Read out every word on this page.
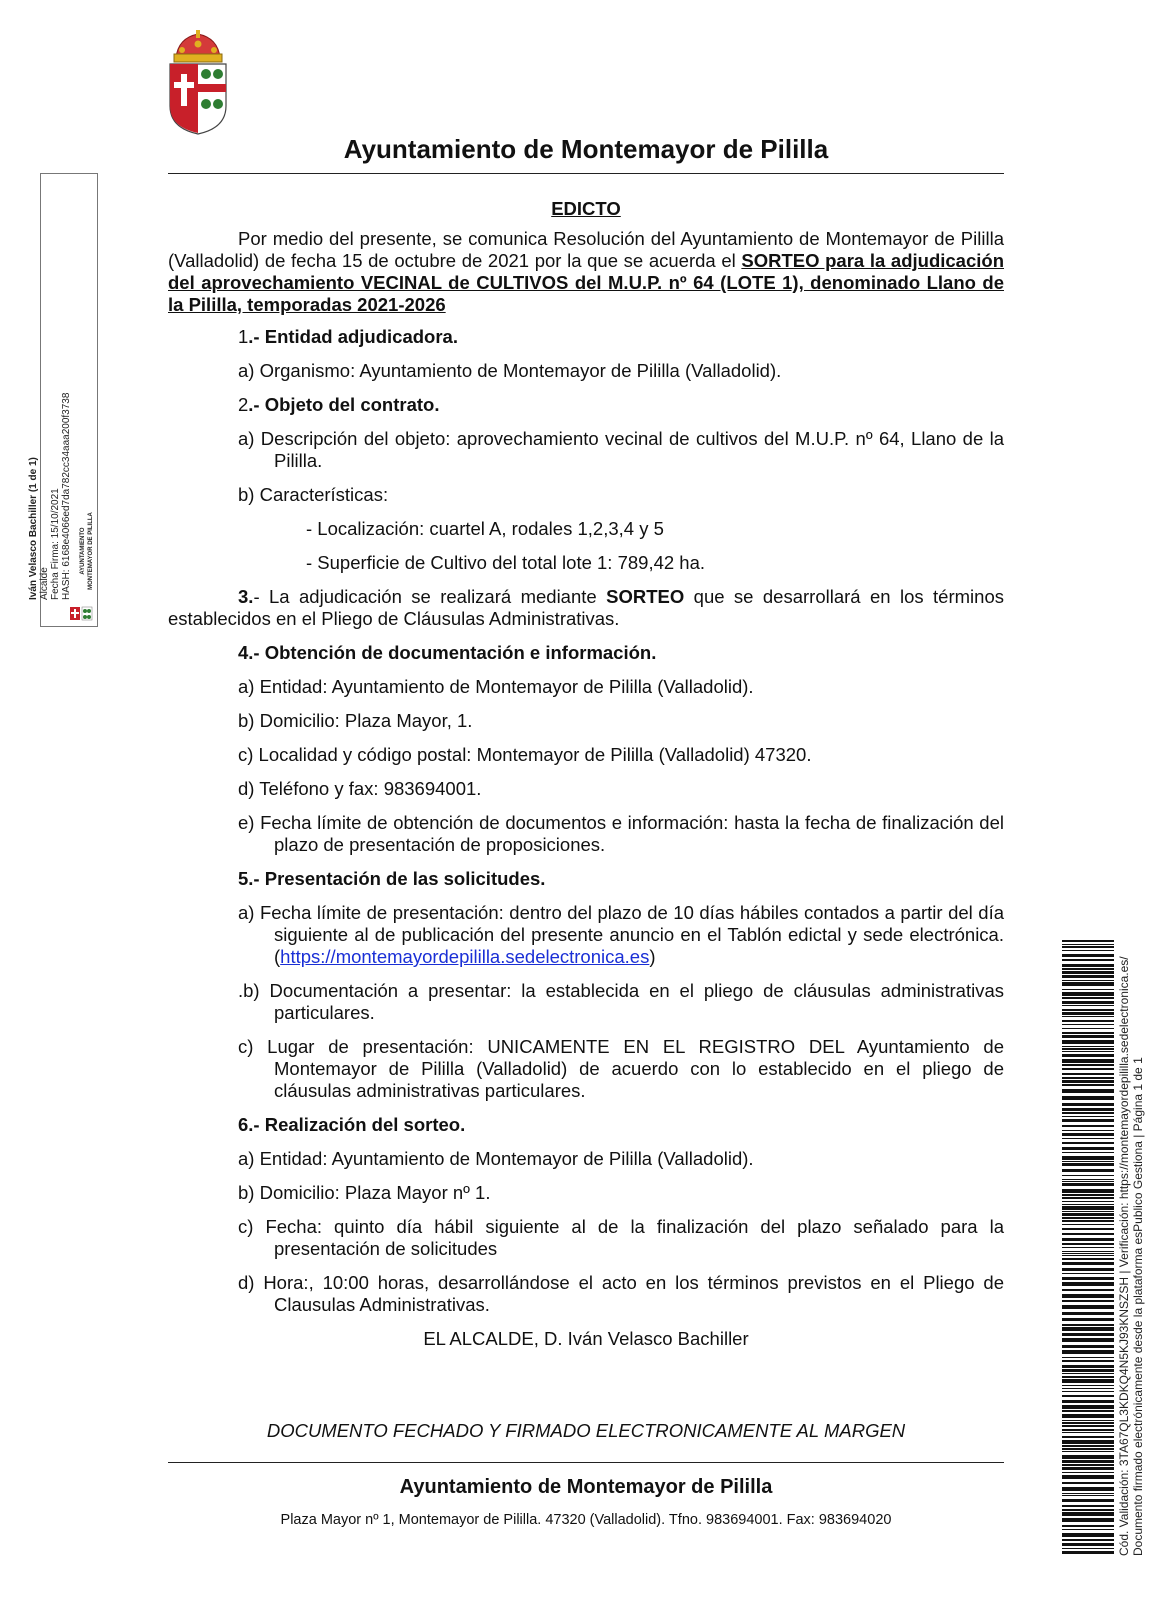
Ayuntamiento de Montemayor de Pililla

EDICTO

Por medio del presente, se comunica Resolución del Ayuntamiento de Montemayor de Pililla (Valladolid) de fecha 15 de octubre de 2021 por la que se acuerda el SORTEO para la adjudicación del aprovechamiento VECINAL de CULTIVOS del M.U.P. nº 64 (LOTE 1), denominado Llano de la Pililla, temporadas 2021-2026

1.- Entidad adjudicadora.

a) Organismo: Ayuntamiento de Montemayor de Pililla (Valladolid).

2.- Objeto del contrato.

a) Descripción del objeto: aprovechamiento vecinal de cultivos del M.U.P. nº 64, Llano de la Pililla.

b) Características:

- Localización: cuartel A, rodales 1,2,3,4 y 5

- Superficie de Cultivo del total lote 1: 789,42 ha.

3.- La adjudicación se realizará mediante SORTEO que se desarrollará en los términos establecidos en el Pliego de Cláusulas Administrativas.

4.- Obtención de documentación e información.

a) Entidad: Ayuntamiento de Montemayor de Pililla (Valladolid).

b) Domicilio: Plaza Mayor, 1.

c) Localidad y código postal: Montemayor de Pililla (Valladolid) 47320.

d) Teléfono y fax: 983694001.

e) Fecha límite de obtención de documentos e información: hasta la fecha de finalización del plazo de presentación de proposiciones.

5.- Presentación de las solicitudes.

a) Fecha límite de presentación: dentro del plazo de 10 días hábiles contados a partir del día siguiente al de publicación del presente anuncio en el Tablón edictal y sede electrónica. (https://montemayordepililla.sedelectronica.es)

.b) Documentación a presentar: la establecida en el pliego de cláusulas administrativas particulares.

c) Lugar de presentación: UNICAMENTE EN EL REGISTRO DEL Ayuntamiento de Montemayor de Pililla (Valladolid) de acuerdo con lo establecido en el pliego de cláusulas administrativas particulares.

6.- Realización del sorteo.

a) Entidad: Ayuntamiento de Montemayor de Pililla (Valladolid).

b) Domicilio: Plaza Mayor nº 1.

c) Fecha: quinto día hábil siguiente al de la finalización del plazo señalado para la presentación de solicitudes

d) Hora:, 10:00 horas, desarrollándose el acto en los términos previstos en el Pliego de Clausulas Administrativas.

EL ALCALDE, D. Iván Velasco Bachiller

DOCUMENTO FECHADO Y FIRMADO ELECTRONICAMENTE AL MARGEN
Ayuntamiento de Montemayor de Pililla
Plaza Mayor nº 1, Montemayor de Pililla. 47320 (Valladolid). Tfno. 983694001. Fax: 983694020
Iván Velasco Bachiller (1 de 1) Alcalde Fecha Firma: 15/10/2021 HASH: 6168e4066ed7da782cc34aaa200f3738 AYUNTAMIENTO MONTEMAYOR DE PILILLA
Cód. Validación: 3TA67QL3KDKQ4N5KJ93KNSZSH | Verificación: https://montemayordepililla.sedelectronica.es/ Documento firmado electrónicamente desde la plataforma esPublico Gestiona | Página 1 de 1
